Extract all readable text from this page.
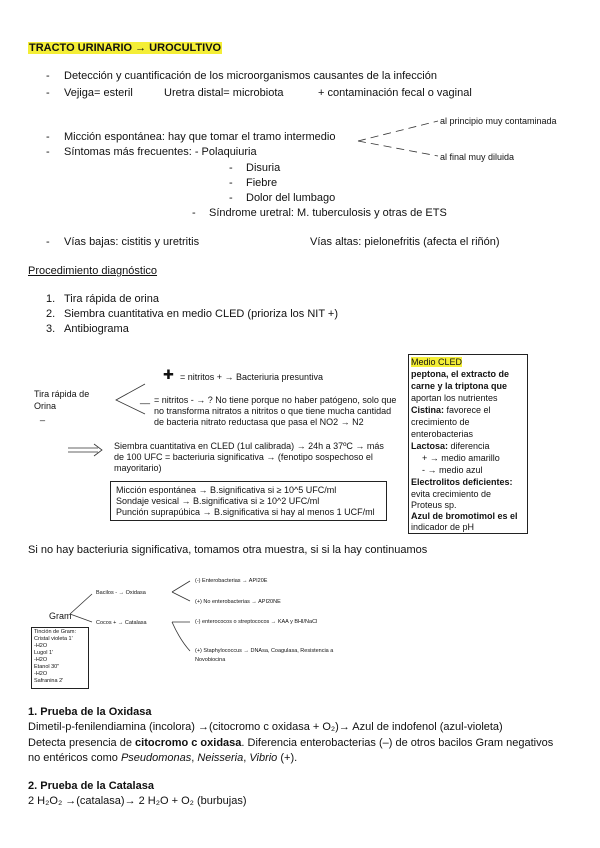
TRACTO URINARIO → UROCULTIVO
- Detección y cuantificación de los microorganismos causantes de la infección
- Vejiga= esteril	Uretra distal= microbiota	+ contaminación fecal o vaginal
- Micción espontánea: hay que tomar el tramo intermedio
al principio muy contaminada
al final muy diluida
- Síntomas más frecuentes: - Polaquiuria
- Disuria
- Fiebre
- Dolor del lumbago
- Síndrome uretral: M. tuberculosis y otras de ETS
- Vías bajas: cistitis y uretritis	Vías altas: pielonefritis (afecta el riñón)
Procedimiento diagnóstico
1. Tira rápida de orina
2. Siembra cuantitativa en medio CLED (prioriza los NIT +)
3. Antibiograma
Tira rápida de
Orina
_
✚ = nitritos + → Bacteriuria presuntiva
__ = nitritos - → ? No tiene porque no haber patógeno, solo que
no transforma nitratos a nitritos o que tiene mucha cantidad
de bacteria nitrato reductasa que pasa el NO2 → N2
Siembra cuantitativa en CLED (1ul calibrada) → 24h a 37ºC → más
de 100 UFC = bacteriuria significativa → (fenotipo sospechoso el
mayoritario)
Micción espontánea → B.significativa si ≥ 10^5 UFC/ml
Sondaje vesical → B.significativa si ≥ 10^2 UFC/ml
Punción suprapúbica → B.significativa si hay al menos 1 UCF/ml
Medio CLED
peptona, el extracto de
carne y la triptona que
aportan los nutrientes
Cistina: favorece el
crecimiento de
enterobacterias
Lactosa: diferencia
+ → medio amarillo
- → medio azul
Electrolitos deficientes:
evita crecimiento de
Proteus sp.
Azul de bromotimol es el
indicador de pH
Si no hay bacteriuria significativa, tomamos otra muestra, si si la hay continuamos
Gram
Bacilos - → Oxidasa
(-) Enterobacterias → API20E
(+) No enterobacterias → API20NE
Cocos + → Catalasa	(-) enterococos o streptococos → KAA y BHI/NaCl
(+) Staphylococcus → DNAsa, Coagulasa, Resistencia a
Novobiocina
Tinción de Gram:
Cristal violeta 1'
-H2O
Lugol 1'
-H2O
Etanol 30"
-H2O
Safranina 2'
1. Prueba de la Oxidasa
Dimetil-p-fenilendiamina (incolora) →(citocromo c oxidasa + O₂)→ Azul de indofenol (azul-violeta)
Detecta presencia de citocromo c oxidasa. Diferencia enterobacterias (–) de otros bacilos Gram negativos
no entéricos como Pseudomonas, Neisseria, Vibrio (+).
2. Prueba de la Catalasa
2 H₂O₂ →(catalasa)→ 2 H₂O + O₂ (burbujas)
